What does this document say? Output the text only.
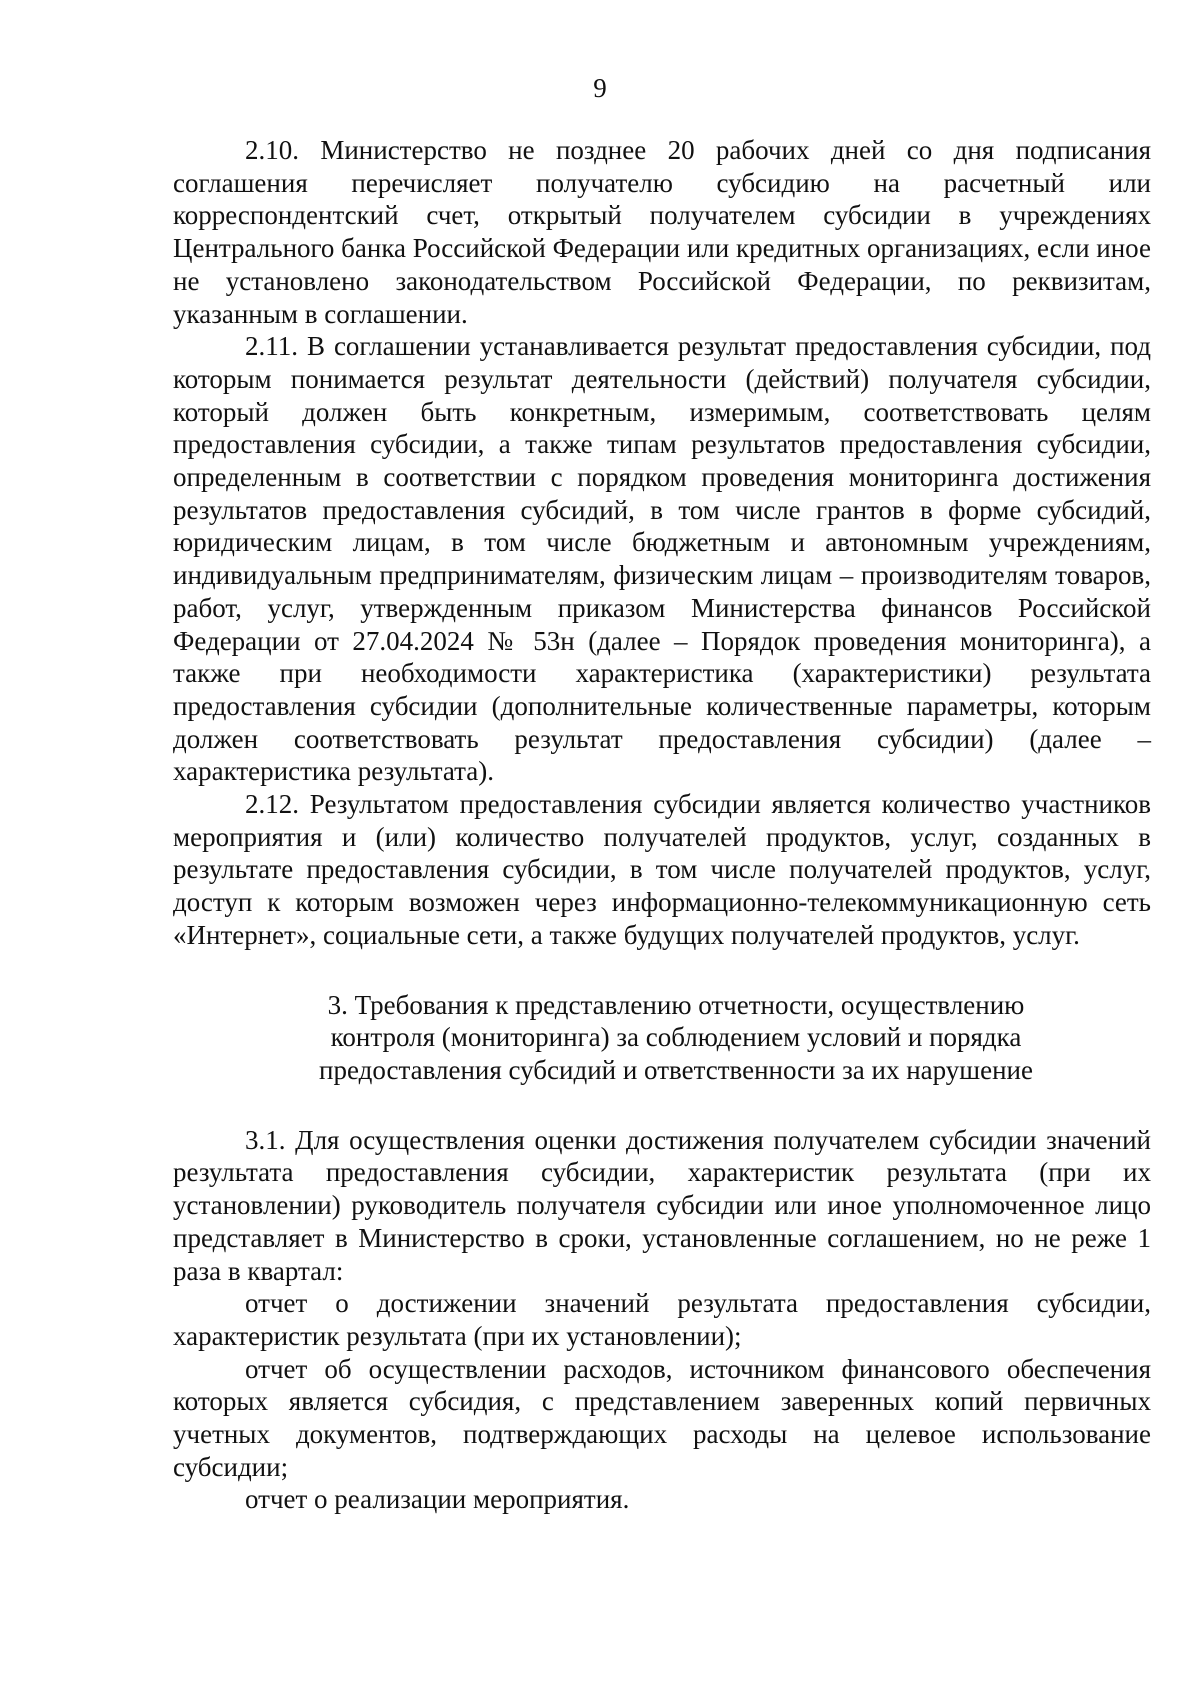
9

2.10. Министерство не позднее 20 рабочих дней со дня подписания соглашения перечисляет получателю субсидию на расчетный или корреспондентский счет, открытый получателем субсидии в учреждениях Центрального банка Российской Федерации или кредитных организациях, если иное не установлено законодательством Российской Федерации, по реквизитам, указанным в соглашении.

2.11. В соглашении устанавливается результат предоставления субсидии, под которым понимается результат деятельности (действий) получателя субсидии, который должен быть конкретным, измеримым, соответствовать целям предоставления субсидии, а также типам результатов предоставления субсидии, определенным в соответствии с порядком проведения мониторинга достижения результатов предоставления субсидий, в том числе грантов в форме субсидий, юридическим лицам, в том числе бюджетным и автономным учреждениям, индивидуальным предпринимателям, физическим лицам – производителям товаров, работ, услуг, утвержденным приказом Министерства финансов Российской Федерации от 27.04.2024 № 53н (далее – Порядок проведения мониторинга), а также при необходимости характеристика (характеристики) результата предоставления субсидии (дополнительные количественные параметры, которым должен соответствовать результат предоставления субсидии) (далее – характеристика результата).

2.12. Результатом предоставления субсидии является количество участников мероприятия и (или) количество получателей продуктов, услуг, созданных в результате предоставления субсидии, в том числе получателей продуктов, услуг, доступ к которым возможен через информационно-телекоммуникационную сеть «Интернет», социальные сети, а также будущих получателей продуктов, услуг.

3. Требования к представлению отчетности, осуществлению
контроля (мониторинга) за соблюдением условий и порядка
предоставления субсидий и ответственности за их нарушение

3.1. Для осуществления оценки достижения получателем субсидии значений результата предоставления субсидии, характеристик результата (при их установлении) руководитель получателя субсидии или иное уполномоченное лицо представляет в Министерство в сроки, установленные соглашением, но не реже 1 раза в квартал:

отчет о достижении значений результата предоставления субсидии, характеристик результата (при их установлении);

отчет об осуществлении расходов, источником финансового обеспечения которых является субсидия, с представлением заверенных копий первичных учетных документов, подтверждающих расходы на целевое использование субсидии;

отчет о реализации мероприятия.
